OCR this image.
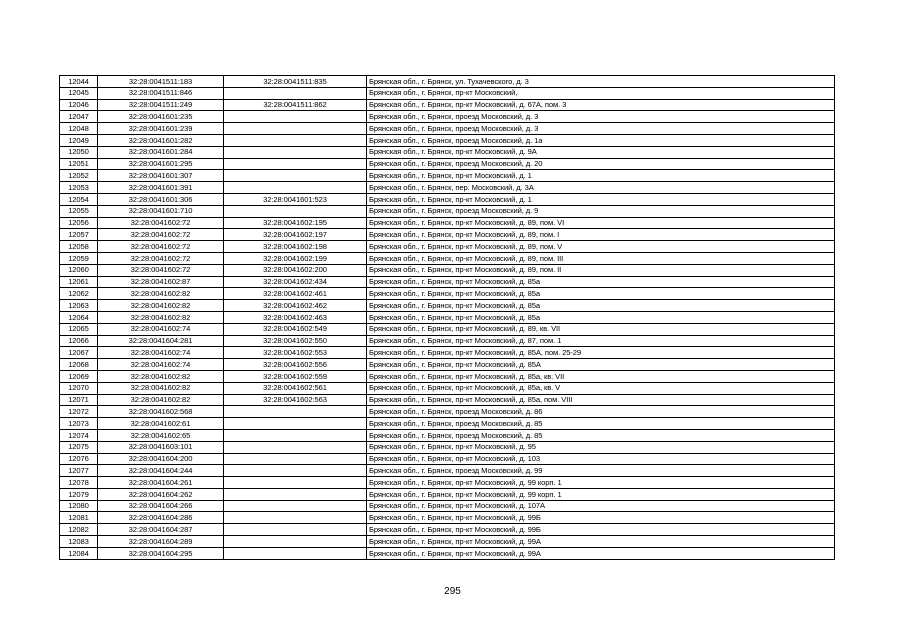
12044	32:28:0041511:183	32:28:0041511:835	Брянская обл., г. Брянск, ул. Тухачевского, д. 3
12045	32:28:0041511:846		Брянская обл., г. Брянск, пр-кт Московский,
12046	32:28:0041511:249	32:28:0041511:862	Брянская обл., г. Брянск, пр-кт Московский, д. 67А, пом. 3
12047	32:28:0041601:235		Брянская обл., г. Брянск, проезд Московский, д. 3
12048	32:28:0041601:239		Брянская обл., г. Брянск, проезд Московский, д. 3
12049	32:28:0041601:282		Брянская обл., г. Брянск, проезд Московский, д. 1а
12050	32:28:0041601:284		Брянская обл., г. Брянск, пр-кт Московский, д. 9А
12051	32:28:0041601:295		Брянская обл., г. Брянск, проезд Московский, д. 20
12052	32:28:0041601:307		Брянская обл., г. Брянск, пр-кт Московский, д. 1
12053	32:28:0041601:391		Брянская обл., г. Брянск, пер. Московский, д. 3А
12054	32:28:0041601:306	32:28:0041601:523	Брянская обл., г. Брянск, пр-кт Московский, д. 1
12055	32:28:0041601:710		Брянская обл., г. Брянск, проезд Московский, д. 9
12056	32:28:0041602:72	32:28:0041602:195	Брянская обл., г. Брянск, пр-кт Московский, д. 89, пом. VI
12057	32:28:0041602:72	32:28:0041602:197	Брянская обл., г. Брянск, пр-кт Московский, д. 89, пом. I
12058	32:28:0041602:72	32:28:0041602:198	Брянская обл., г. Брянск, пр-кт Московский, д. 89, пом. V
12059	32:28:0041602:72	32:28:0041602:199	Брянская обл., г. Брянск, пр-кт Московский, д. 89, пом. III
12060	32:28:0041602:72	32:28:0041602:200	Брянская обл., г. Брянск, пр-кт Московский, д. 89, пом. II
12061	32:28:0041602:87	32:28:0041602:434	Брянская обл., г. Брянск, пр-кт Московский, д. 85а
12062	32:28:0041602:82	32:28:0041602:461	Брянская обл., г. Брянск, пр-кт Московский, д. 85а
12063	32:28:0041602:82	32:28:0041602:462	Брянская обл., г. Брянск, пр-кт Московский, д. 85а
12064	32:28:0041602:82	32:28:0041602:463	Брянская обл., г. Брянск, пр-кт Московский, д. 85а
12065	32:28:0041602:74	32:28:0041602:549	Брянская обл., г. Брянск, пр-кт Московский, д. 89, кв. VII
12066	32:28:0041604:281	32:28:0041602:550	Брянская обл., г. Брянск, пр-кт Московский, д. 87, пом. 1
12067	32:28:0041602:74	32:28:0041602:553	Брянская обл., г. Брянск, пр-кт Московский, д. 85А, пом. 25-29
12068	32:28:0041602:74	32:28:0041602:556	Брянская обл., г. Брянск, пр-кт Московский, д. 85А
12069	32:28:0041602:82	32:28:0041602:559	Брянская обл., г. Брянск, пр-кт Московский, д. 85а, кв. VII
12070	32:28:0041602:82	32:28:0041602:561	Брянская обл., г. Брянск, пр-кт Московский, д. 85а, кв. V
12071	32:28:0041602:82	32:28:0041602:563	Брянская обл., г. Брянск, пр-кт Московский, д. 85а, пом. VIII
12072	32:28:0041602:568		Брянская обл., г. Брянск, проезд Московский, д. 86
12073	32:28:0041602:61		Брянская обл., г. Брянск, проезд Московский, д. 85
12074	32:28:0041602:65		Брянская обл., г. Брянск, проезд Московский, д. 85
12075	32:28:0041603:101		Брянская обл., г. Брянск, пр-кт Московский, д. 95
12076	32:28:0041604:200		Брянская обл., г. Брянск, пр-кт Московский, д. 103
12077	32:28:0041604:244		Брянская обл., г. Брянск, проезд Московский, д. 99
12078	32:28:0041604:261		Брянская обл., г. Брянск, пр-кт Московский, д. 99 корп. 1
12079	32:28:0041604:262		Брянская обл., г. Брянск, пр-кт Московский, д. 99 корп. 1
12080	32:28:0041604:266		Брянская обл., г. Брянск, пр-кт Московский, д. 107А
12081	32:28:0041604:286		Брянская обл., г. Брянск, пр-кт Московский, д. 99Б
12082	32:28:0041604:287		Брянская обл., г. Брянск, пр-кт Московский, д. 99Б
12083	32:28:0041604:289		Брянская обл., г. Брянск, пр-кт Московский, д. 99А
12084	32:28:0041604:295		Брянская обл., г. Брянск, пр-кт Московский, д. 99А
295
